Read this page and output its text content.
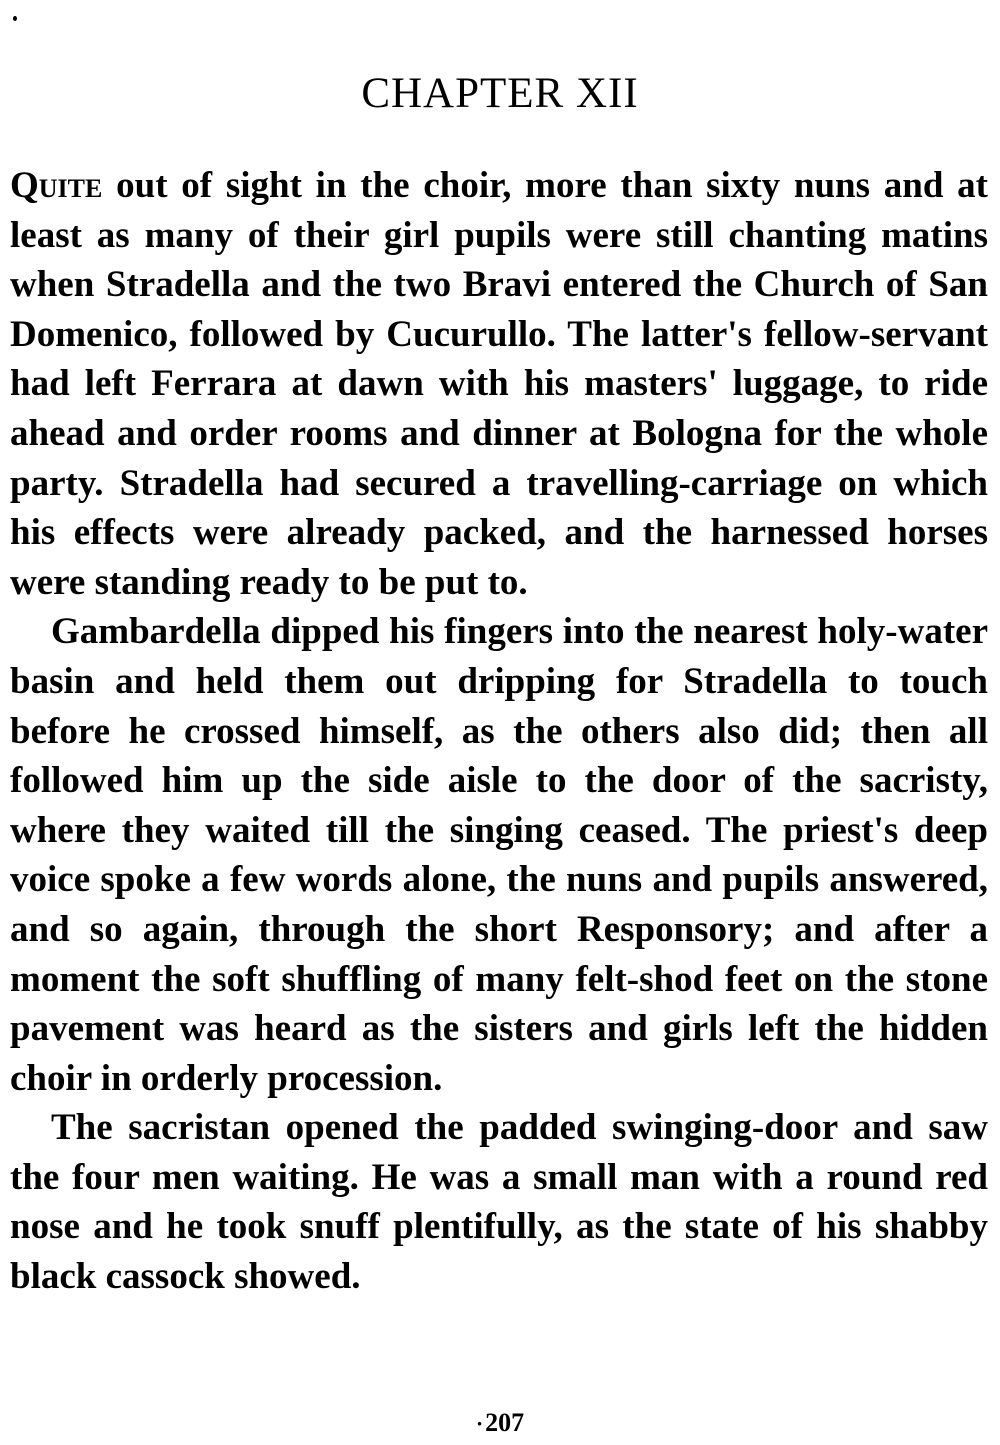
CHAPTER XII

Quite out of sight in the choir, more than sixty nuns and at least as many of their girl pupils were still chanting matins when Stradella and the two Bravi entered the Church of San Domenico, followed by Cucurullo. The latter's fellow-servant had left Ferrara at dawn with his masters' luggage, to ride ahead and order rooms and dinner at Bologna for the whole party. Stradella had secured a travelling-carriage on which his effects were already packed, and the harnessed horses were standing ready to be put to.

Gambardella dipped his fingers into the nearest holy-water basin and held them out dripping for Stradella to touch before he crossed himself, as the others also did; then all followed him up the side aisle to the door of the sacristy, where they waited till the singing ceased. The priest's deep voice spoke a few words alone, the nuns and pupils answered, and so again, through the short Responsory; and after a moment the soft shuffling of many felt-shod feet on the stone pavement was heard as the sisters and girls left the hidden choir in orderly procession.

The sacristan opened the padded swinging-door and saw the four men waiting. He was a small man with a round red nose and he took snuff plentifully, as the state of his shabby black cassock showed.

·207
